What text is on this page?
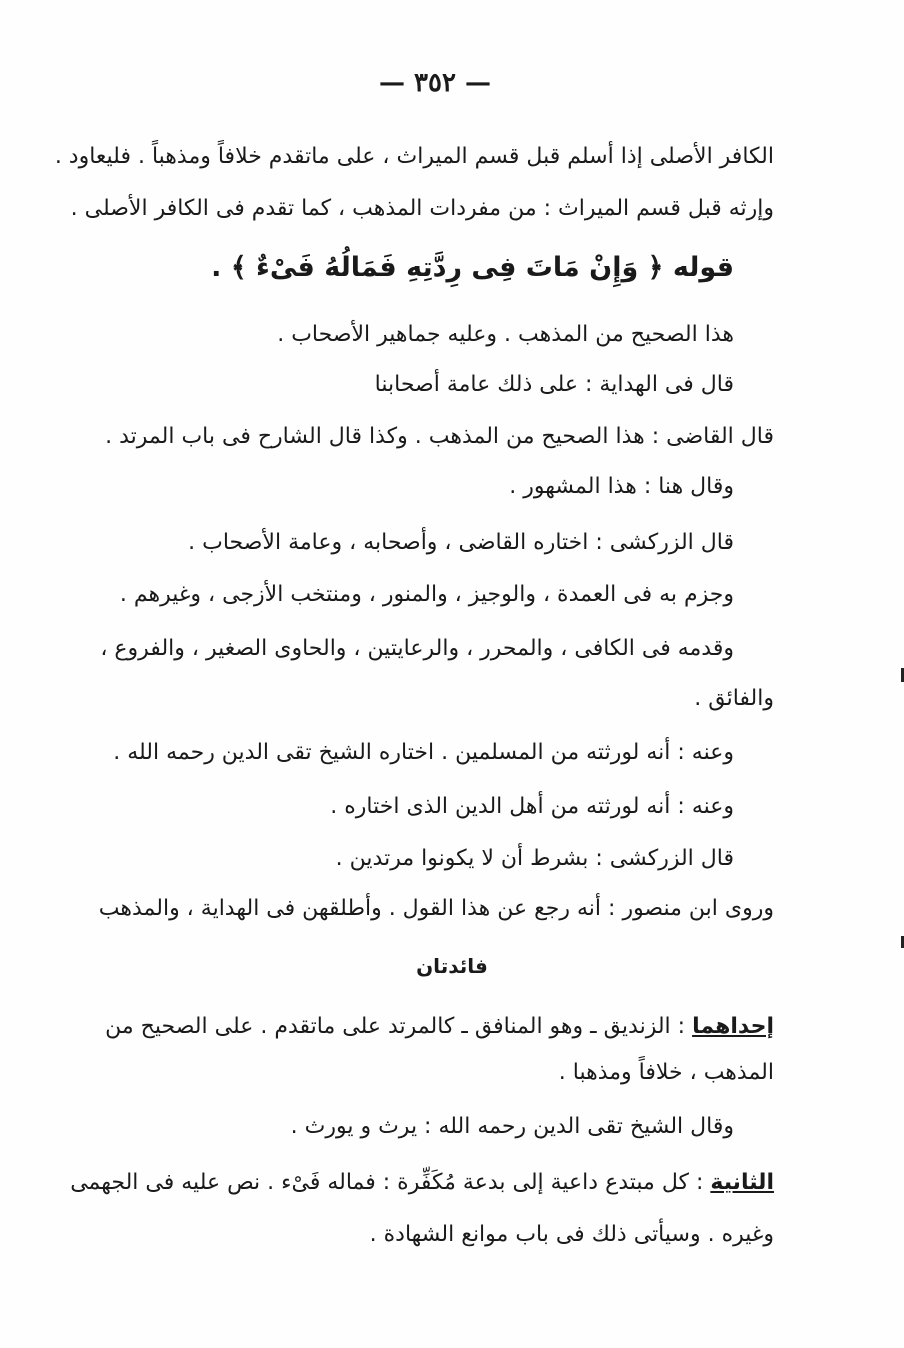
— ٣٥٢ —
الكافر الأصلى إذا أسلم قبل قسم الميراث ، على ماتقدم خلافاً ومذهباً . فليعاود .
وإرثه قبل قسم الميراث : من مفردات المذهب ، كما تقدم فى الكافر الأصلى .
قوله ﴿ وَإِنْ مَاتَ فِى رِدَّتِهِ فَمَالُهُ فَىْءٌ ﴾ .
هذا الصحيح من المذهب . وعليه جماهير الأصحاب .
قال فى الهداية : على ذلك عامة أصحابنا
قال القاضى : هذا الصحيح من المذهب . وكذا قال الشارح فى باب المرتد .
وقال هنا : هذا المشهور .
قال الزركشى : اختاره القاضى ، وأصحابه ، وعامة الأصحاب .
وجزم به فى العمدة ، والوجيز ، والمنور ، ومنتخب الأزجى ، وغيرهم .
وقدمه فى الكافى ، والمحرر ، والرعايتين ، والحاوى الصغير ، والفروع ،
والفائق .
وعنه : أنه لورثته من المسلمين . اختاره الشيخ تقى الدين رحمه الله .
وعنه : أنه لورثته من أهل الدين الذى اختاره .
قال الزركشى : بشرط أن لا يكونوا مرتدين .
وروى ابن منصور : أنه رجع عن هذا القول . وأطلقهن فى الهداية ، والمذهب
فائدتان
إحداهما : الزنديق ـ وهو المنافق ـ كالمرتد على ماتقدم . على الصحيح من
المذهب ، خلافاً ومذهبا .
وقال الشيخ تقى الدين رحمه الله : يرث و يورث .
الثانية : كل مبتدع داعية إلى بدعة مُكَفِّرة : فماله فَىْء . نص عليه فى الجهمى
وغيره . وسيأتى ذلك فى باب موانع الشهادة .
